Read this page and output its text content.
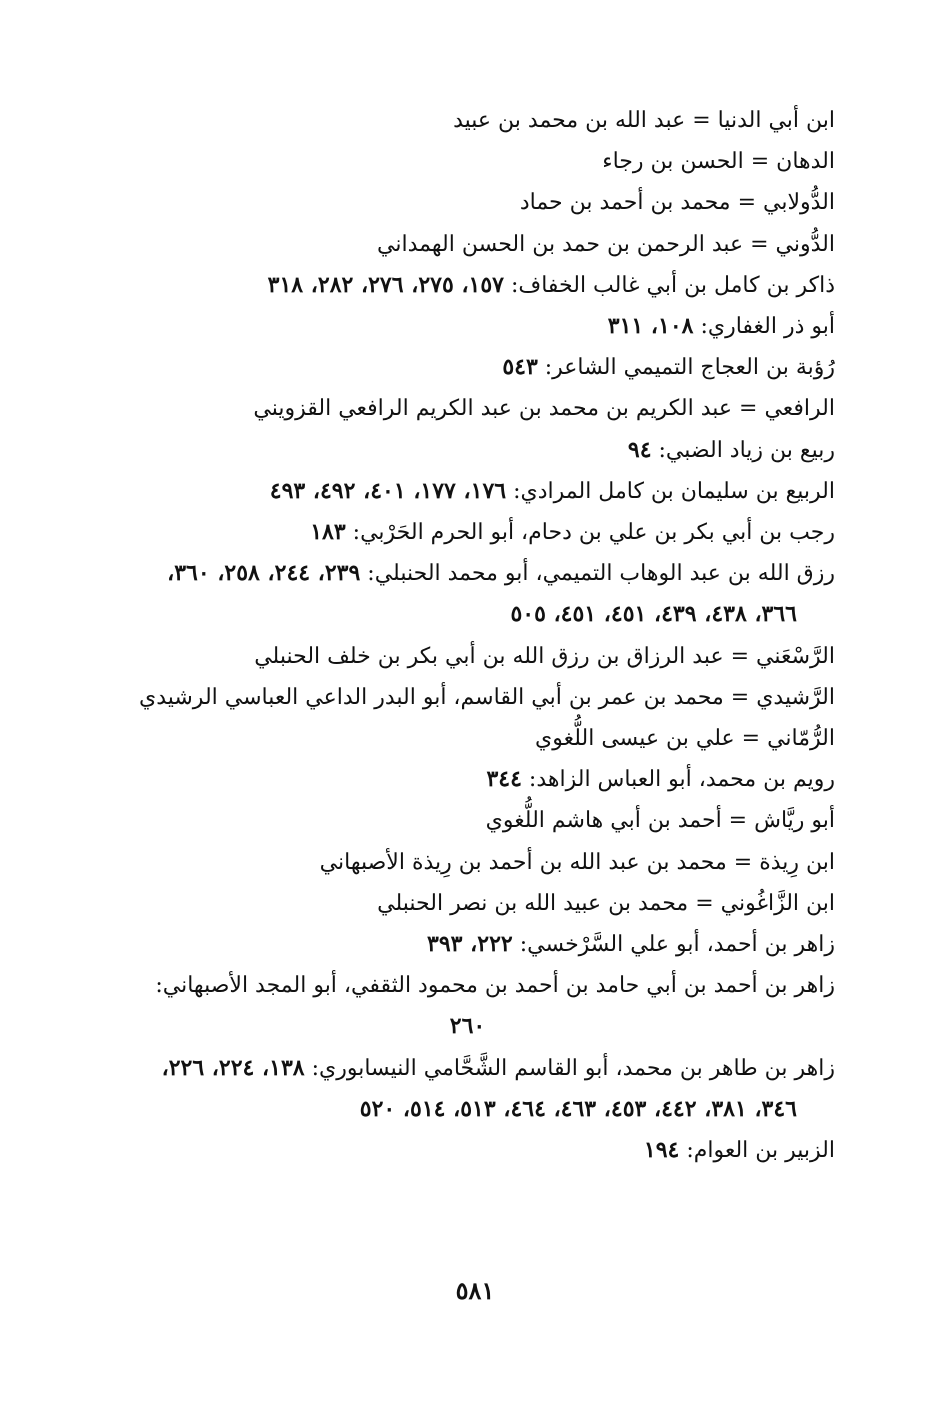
ابن أبي الدنيا = عبد الله بن محمد بن عبيد
الدهان = الحسن بن رجاء
الدُّولابي = محمد بن أحمد بن حماد
الدُّوني = عبد الرحمن بن حمد بن الحسن الهمداني
ذاكر بن كامل بن أبي غالب الخفاف: ١٥٧، ٢٧٥، ٢٧٦، ٢٨٢، ٣١٨
أبو ذر الغفاري: ١٠٨، ٣١١
رُؤبة بن العجاج التميمي الشاعر: ٥٤٣
الرافعي = عبد الكريم بن محمد بن عبد الكريم الرافعي القزويني
ربيع بن زياد الضبي: ٩٤
الربيع بن سليمان بن كامل المرادي: ١٧٦، ١٧٧، ٤٠١، ٤٩٢، ٤٩٣
رجب بن أبي بكر بن علي بن دحام، أبو الحرم الحَرْبي: ١٨٣
رزق الله بن عبد الوهاب التميمي، أبو محمد الحنبلي: ٢٣٩، ٢٤٤، ٢٥٨، ٣٦٠،
٣٦٦، ٤٣٨، ٤٣٩، ٤٥١، ٤٥١، ٥٠٥
الرَّسْعَني = عبد الرزاق بن رزق الله بن أبي بكر بن خلف الحنبلي
الرَّشيدي = محمد بن عمر بن أبي القاسم، أبو البدر الداعي العباسي الرشيدي
الرُّمّاني = علي بن عيسى اللُّغوي
رويم بن محمد، أبو العباس الزاهد: ٣٤٤
أبو ريَّاش = أحمد بن أبي هاشم اللُّغوي
ابن رِيذة = محمد بن عبد الله بن أحمد بن رِيذة الأصبهاني
ابن الزَّاغُوني = محمد بن عبيد الله بن نصر الحنبلي
زاهر بن أحمد، أبو علي السَّرْخسي: ٢٢٢، ٣٩٣
زاهر بن أحمد بن أبي حامد بن أحمد بن محمود الثقفي، أبو المجد الأصبهاني:
٢٦٠
زاهر بن طاهر بن محمد، أبو القاسم الشَّحَّامي النيسابوري: ١٣٨، ٢٢٤، ٢٢٦،
٣٤٦، ٣٨١، ٤٤٢، ٤٥٣، ٤٦٣، ٤٦٤، ٥١٣، ٥١٤، ٥٢٠
الزبير بن العوام: ١٩٤
٥٨١
